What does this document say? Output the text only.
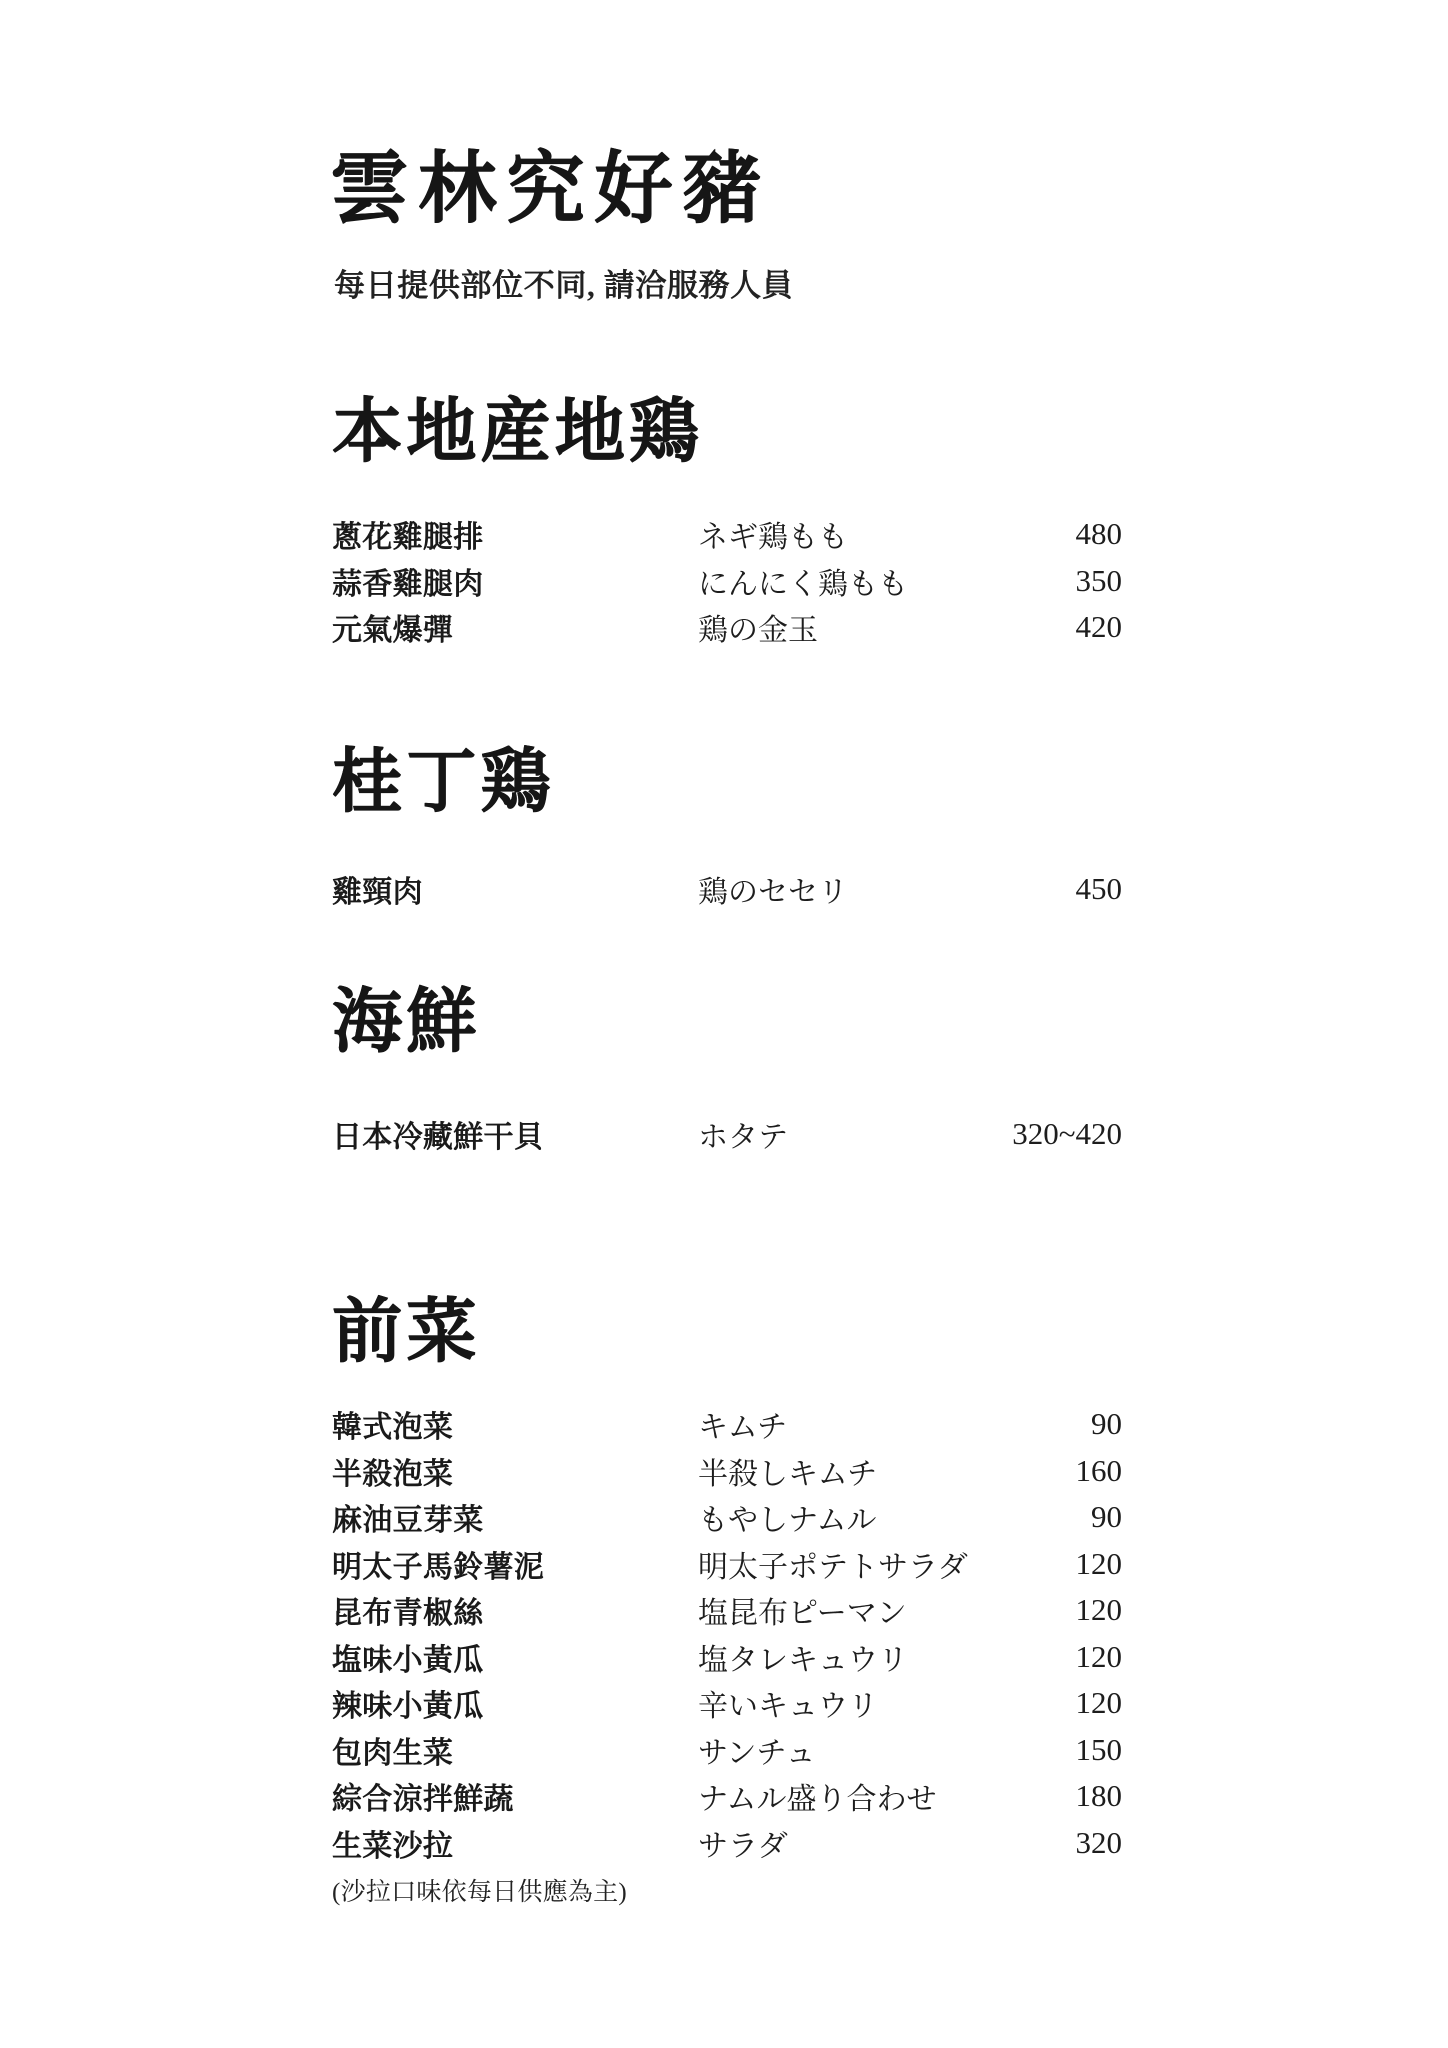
雲林究好豬
每日提供部位不同, 請洽服務人員
本地産地鶏
蔥花雞腿排	ネギ鶏もも	480
蒜香雞腿肉	にんにく鶏もも	350
元氣爆彈	鶏の金玉	420
桂丁鶏
雞頸肉	鶏のセセリ	450
海鮮
日本冷藏鮮干貝	ホタテ	320~420
前菜
韓式泡菜	キムチ	90
半殺泡菜	半殺しキムチ	160
麻油豆芽菜	もやしナムル	90
明太子馬鈴薯泥	明太子ポテトサラダ	120
昆布青椒絲	塩昆布ピーマン	120
塩味小黃瓜	塩タレキュウリ	120
辣味小黃瓜	辛いキュウリ	120
包肉生菜	サンチュ	150
綜合涼拌鮮蔬	ナムル盛り合わせ	180
生菜沙拉	サラダ	320
(沙拉口味依每日供應為主)
